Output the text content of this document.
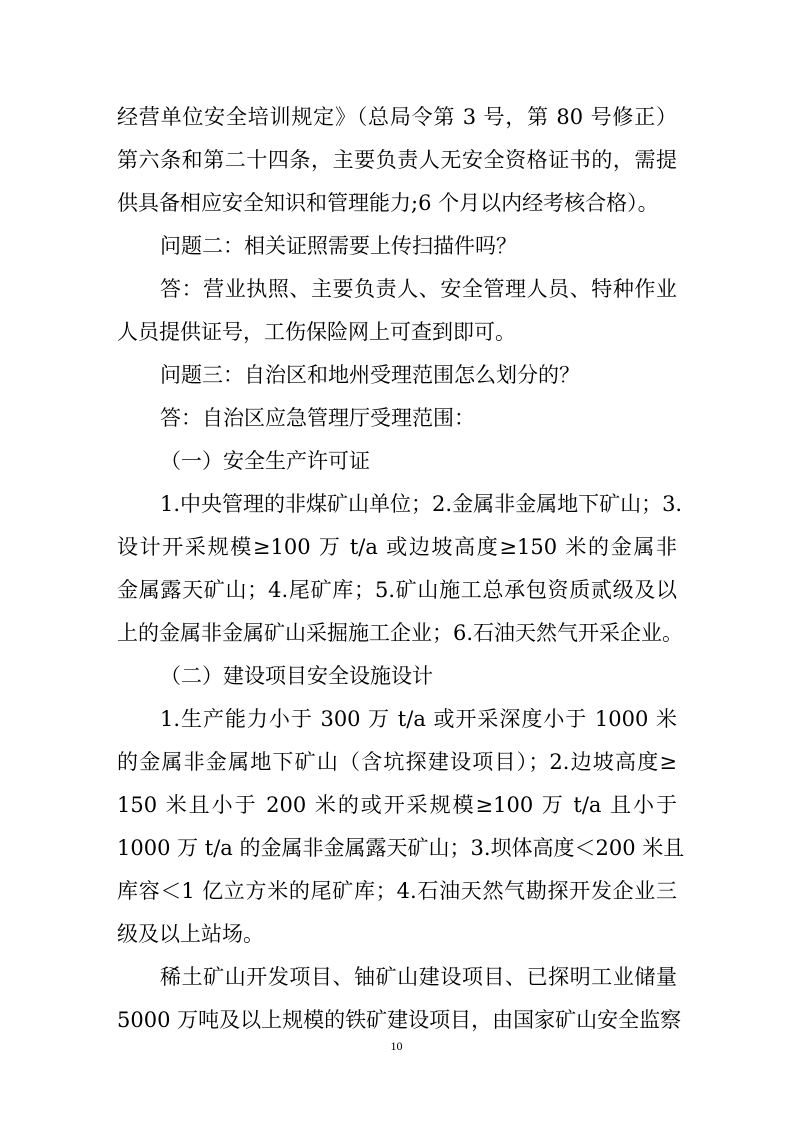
经营单位安全培训规定》（总局令第 3 号，第 80 号修正）
第六条和第二十四条，主要负责人无安全资格证书的，需提
供具备相应安全知识和管理能力;6 个月以内经考核合格）。
问题二：相关证照需要上传扫描件吗？
答：营业执照、主要负责人、安全管理人员、特种作业
人员提供证号，工伤保险网上可查到即可。
问题三：自治区和地州受理范围怎么划分的？
答：自治区应急管理厅受理范围：
（一）安全生产许可证
1.中央管理的非煤矿山单位；2.金属非金属地下矿山；3.
设计开采规模≥100 万 t/a 或边坡高度≥150 米的金属非
金属露天矿山；4.尾矿库；5.矿山施工总承包资质贰级及以
上的金属非金属矿山采掘施工企业；6.石油天然气开采企业。
（二）建设项目安全设施设计
1.生产能力小于 300 万 t/a 或开采深度小于 1000 米
的金属非金属地下矿山（含坑探建设项目）；2.边坡高度≥
150 米且小于 200 米的或开采规模≥100 万 t/a 且小于
1000 万 t/a 的金属非金属露天矿山；3.坝体高度＜200 米且
库容＜1 亿立方米的尾矿库；4.石油天然气勘探开发企业三
级及以上站场。
稀土矿山开发项目、铀矿山建设项目、已探明工业储量
5000 万吨及以上规模的铁矿建设项目，由国家矿山安全监察
10
